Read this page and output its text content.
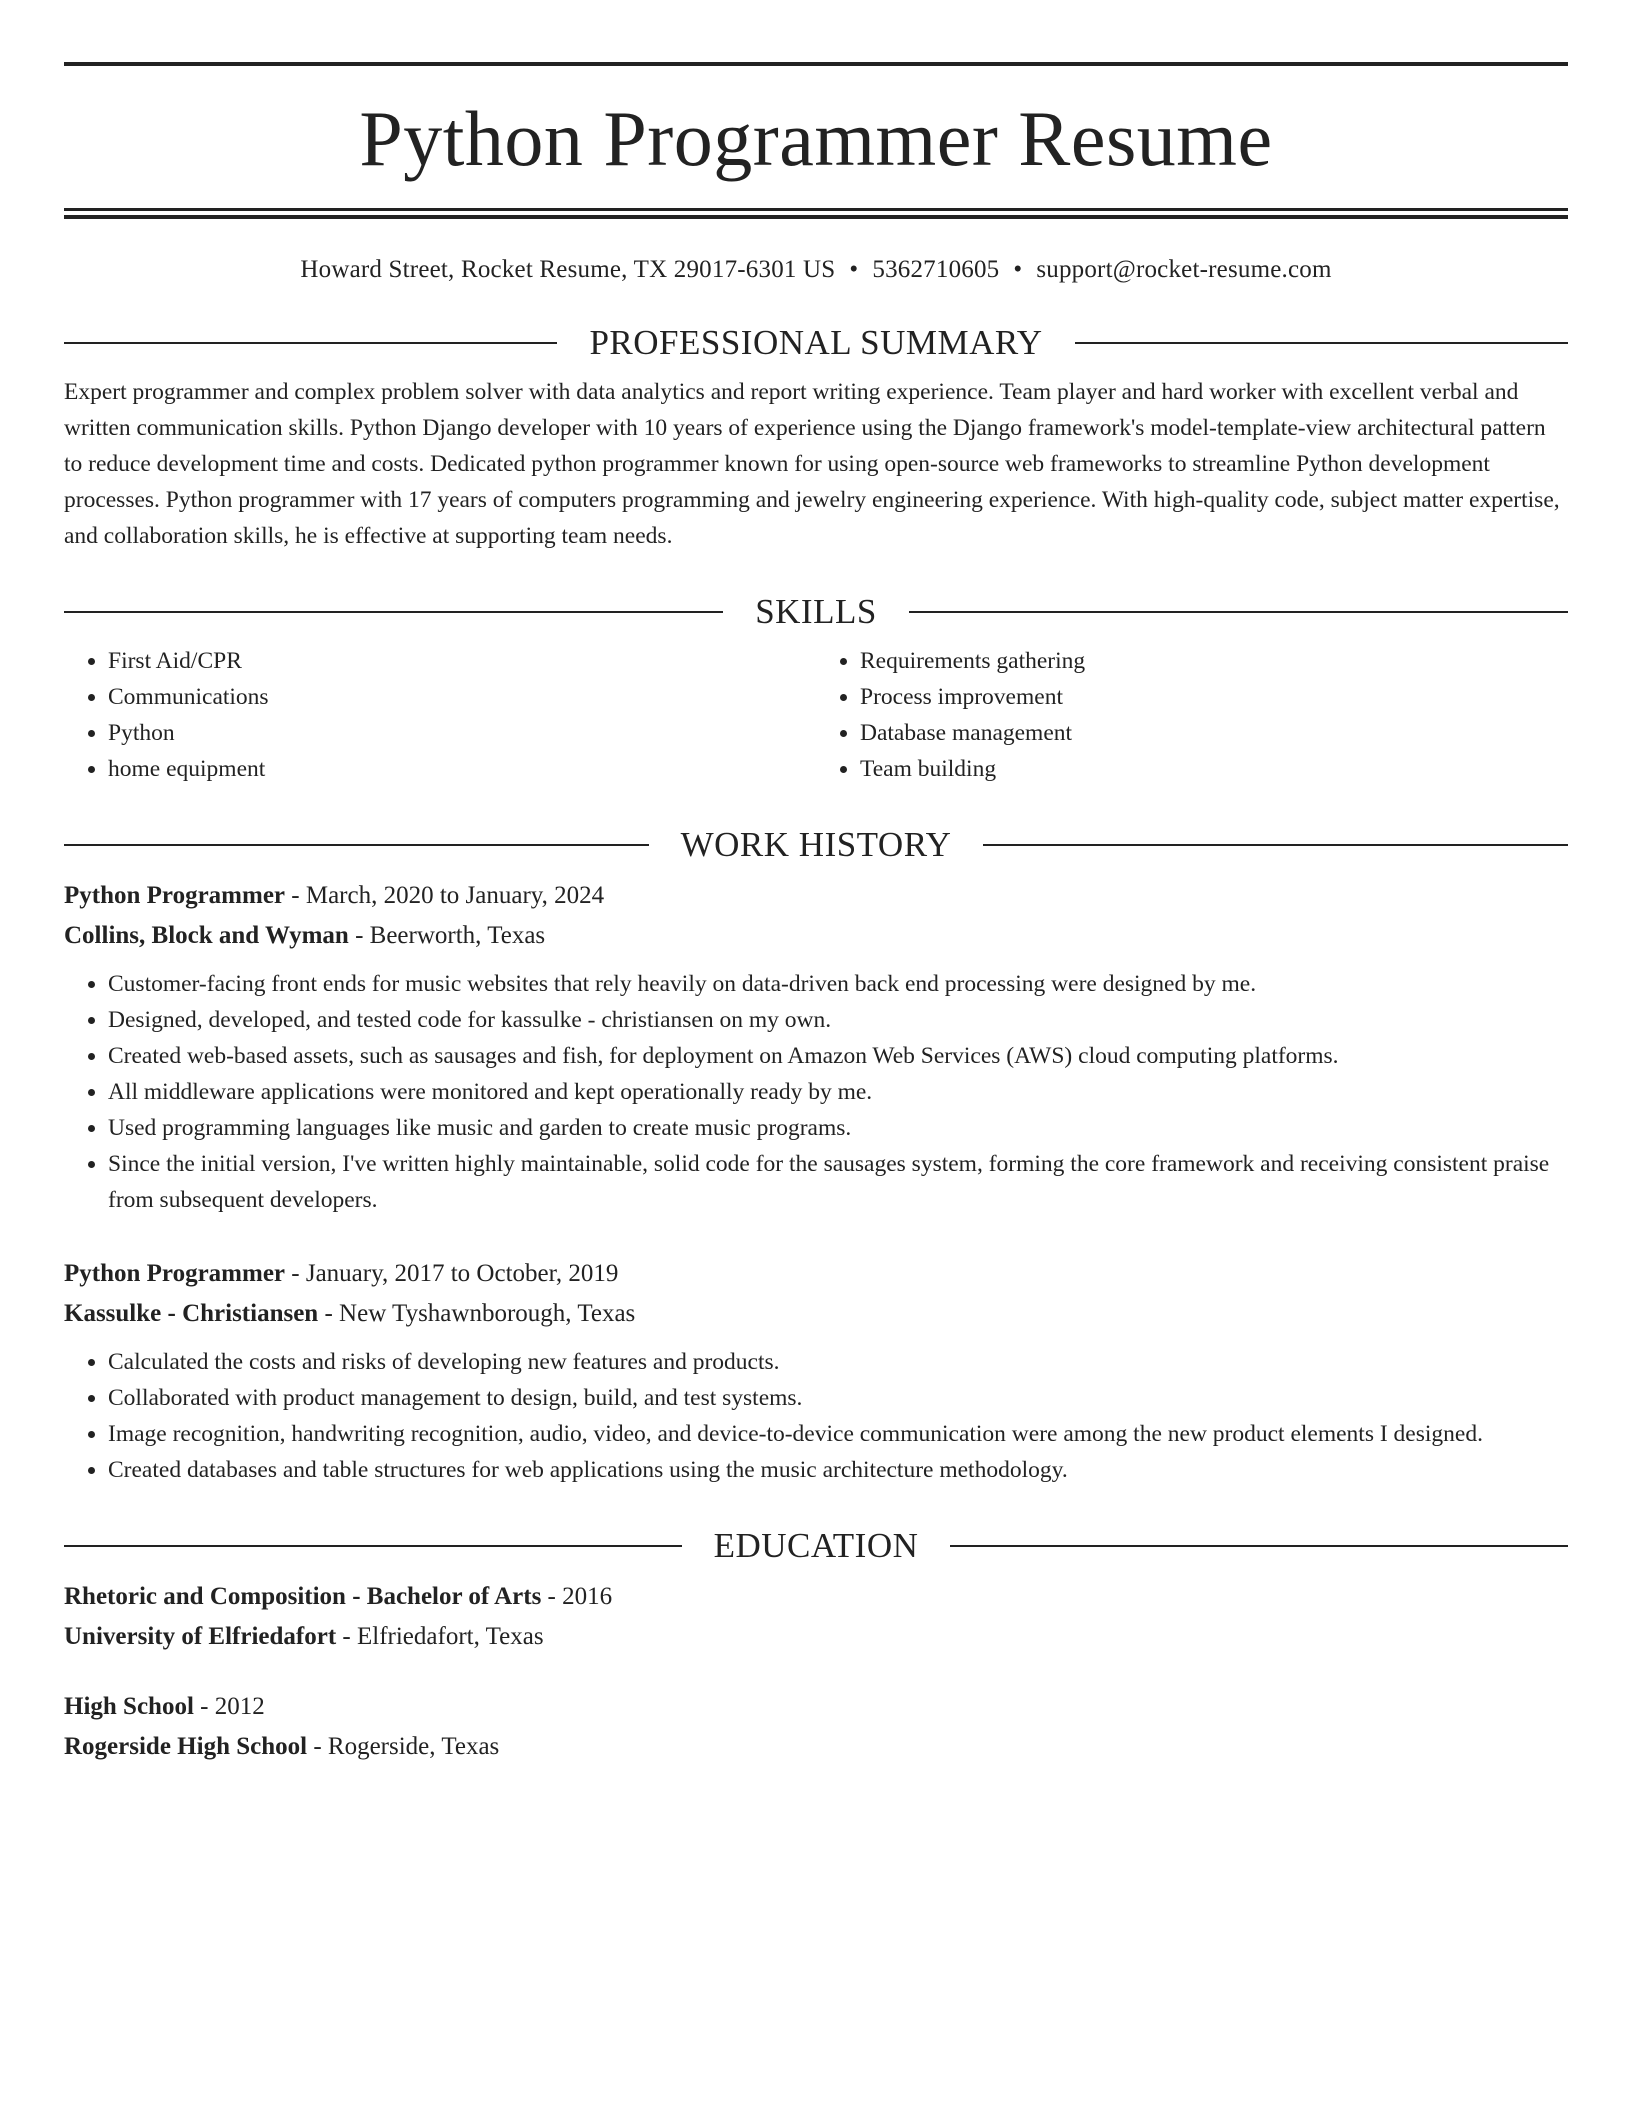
Python Programmer Resume
Howard Street, Rocket Resume, TX 29017-6301 US • 5362710605 • support@rocket-resume.com
PROFESSIONAL SUMMARY

Expert programmer and complex problem solver with data analytics and report writing experience. Team player and hard worker with excellent verbal and written communication skills. Python Django developer with 10 years of experience using the Django framework's model-template-view architectural pattern to reduce development time and costs. Dedicated python programmer known for using open-source web frameworks to streamline Python development processes. Python programmer with 17 years of computers programming and jewelry engineering experience. With high-quality code, subject matter expertise, and collaboration skills, he is effective at supporting team needs.

SKILLS
• First Aid/CPR
• Communications
• Python
• home equipment
• Requirements gathering
• Process improvement
• Database management
• Team building
WORK HISTORY
Python Programmer - March, 2020 to January, 2024
Collins, Block and Wyman - Beerworth, Texas
• Customer-facing front ends for music websites that rely heavily on data-driven back end processing were designed by me.
• Designed, developed, and tested code for kassulke - christiansen on my own.
• Created web-based assets, such as sausages and fish, for deployment on Amazon Web Services (AWS) cloud computing platforms.
• All middleware applications were monitored and kept operationally ready by me.
• Used programming languages like music and garden to create music programs.
• Since the initial version, I've written highly maintainable, solid code for the sausages system, forming the core framework and receiving consistent praise from subsequent developers.
Python Programmer - January, 2017 to October, 2019
Kassulke - Christiansen - New Tyshawnborough, Texas
• Calculated the costs and risks of developing new features and products.
• Collaborated with product management to design, build, and test systems.
• Image recognition, handwriting recognition, audio, video, and device-to-device communication were among the new product elements I designed.
• Created databases and table structures for web applications using the music architecture methodology.
EDUCATION
Rhetoric and Composition - Bachelor of Arts - 2016
University of Elfriedafort - Elfriedafort, Texas
High School - 2012
Rogerside High School - Rogerside, Texas
